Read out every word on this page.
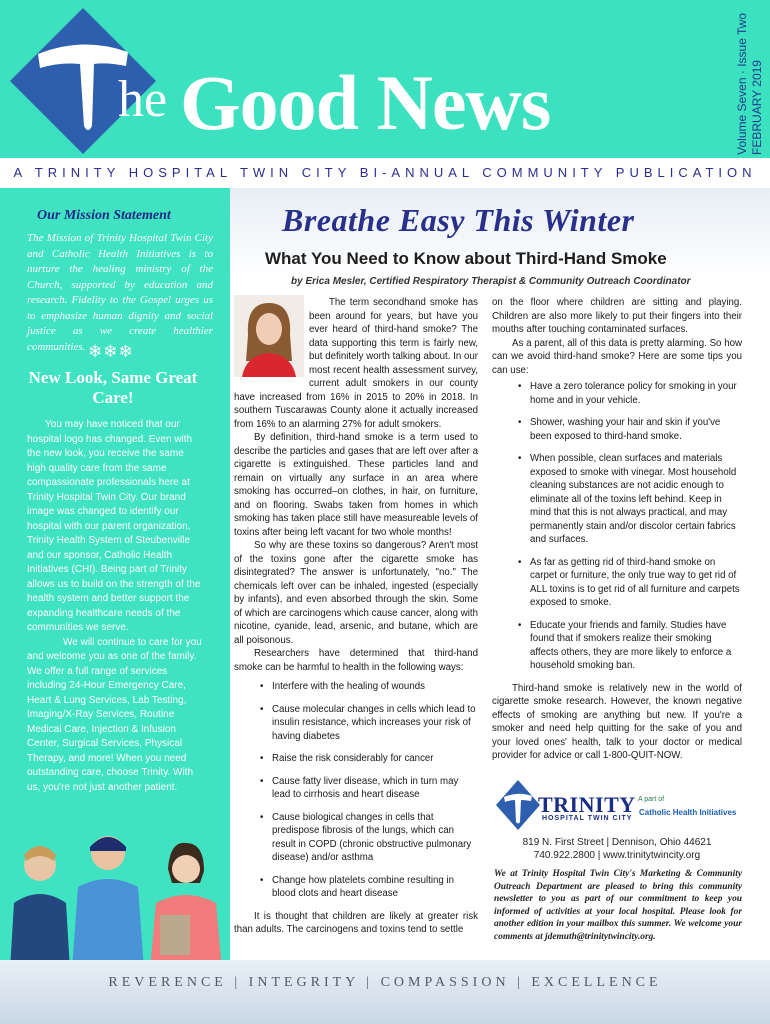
he Good News	Volume Seven · Issue Two FEBRUARY 2019
A TRINITY HOSPITAL TWIN CITY BI-ANNUAL COMMUNITY PUBLICATION
Our Mission Statement

The Mission of Trinity Hospital Twin City and Catholic Health Initiatives is to nurture the healing ministry of the Church, supported by education and research. Fidelity to the Gospel urges us to emphasize human dignity and social justice as we create healthier communities. ❄❄❄
New Look, Same Great Care!
You may have noticed that our hospital logo has changed. Even with the new look, you receive the same high quality care from the same compassionate professionals here at Trinity Hospital Twin City. Our brand image was changed to identify our hospital with our parent organization, Trinity Health System of Steubenville and our sponsor, Catholic Health Initiatives (CHI). Being part of Trinity allows us to build on the strength of the health system and better support the expanding healthcare needs of the communities we serve.
We will continue to care for you and welcome you as one of the family. We offer a full range of services including 24-Hour Emergency Care, Heart & Lung Services, Lab Testing, Imaging/X-Ray Services, Routine Medical Care, Injection & Infusion Center, Surgical Services, Physical Therapy, and more! When you need outstanding care, choose Trinity. With us, you're not just another patient.
Breathe Easy This Winter
What You Need to Know about Third-Hand Smoke
by Erica Mesler, Certified Respiratory Therapist & Community Outreach Coordinator

The term secondhand smoke has been around for years, but have you ever heard of third-hand smoke? The data supporting this term is fairly new, but definitely worth talking about. In our most recent health assessment survey, current adult smokers in our county have increased from 16% in 2015 to 20% in 2018. In southern Tuscarawas County alone it actually increased from 16% to an alarming 27% for adult smokers.

By definition, third-hand smoke is a term used to describe the particles and gases that are left over after a cigarette is extinguished. These particles land and remain on virtually any surface in an area where smoking has occurred–on clothes, in hair, on furniture, and on flooring. Swabs taken from homes in which smoking has taken place still have measureable levels of toxins after being left vacant for two whole months!

So why are these toxins so dangerous? Aren't most of the toxins gone after the cigarette smoke has disintegrated? The answer is unfortunately, "no." The chemicals left over can be inhaled, ingested (especially by infants), and even absorbed through the skin. Some of which are carcinogens which cause cancer, along with nicotine, cyanide, lead, arsenic, and butane, which are all poisonous.

Researchers have determined that third-hand smoke can be harmful to health in the following ways:

• Interfere with the healing of wounds
• Cause molecular changes in cells which lead to insulin resistance, which increases your risk of having diabetes
• Raise the risk considerably for cancer
• Cause fatty liver disease, which in turn may lead to cirrhosis and heart disease
• Cause biological changes in cells that predispose fibrosis of the lungs, which can result in COPD (chronic obstructive pulmonary disease) and/or asthma
• Change how platelets combine resulting in blood clots and heart disease

It is thought that children are likely at greater risk than adults. The carcinogens and toxins tend to settle

on the floor where children are sitting and playing. Children are also more likely to put their fingers into their mouths after touching contaminated surfaces.

As a parent, all of this data is pretty alarming. So how can we avoid third-hand smoke? Here are some tips you can use:

• Have a zero tolerance policy for smoking in your home and in your vehicle.
• Shower, washing your hair and skin if you've been exposed to third-hand smoke.
• When possible, clean surfaces and materials exposed to smoke with vinegar. Most household cleaning substances are not acidic enough to eliminate all of the toxins left behind. Keep in mind that this is not always practical, and may permanently stain and/or discolor certain fabrics and surfaces.
• As far as getting rid of third-hand smoke on carpet or furniture, the only true way to get rid of ALL toxins is to get rid of all furniture and carpets exposed to smoke.
• Educate your friends and family. Studies have found that if smokers realize their smoking affects others, they are more likely to enforce a household smoking ban.

Third-hand smoke is relatively new in the world of cigarette smoke research. However, the known negative effects of smoking are anything but new. If you're a smoker and need help quitting for the sake of you and your loved ones' health, talk to your doctor or medical provider for advice or call 1-800-QUIT-NOW.

TRINITY
HOSPITAL TWIN CITY
A part of
Catholic Health Initiatives
819 N. First Street | Dennison, Ohio 44621
740.922.2800 | www.trinitytwincity.org
We at Trinity Hospital Twin City's Marketing & Community Outreach Department are pleased to bring this community newsletter to you as part of our commitment to keep you informed of activities at your local hospital. Please look for another edition in your mailbox this summer. We welcome your comments at jdemuth@trinitytwincity.org.
REVERENCE | INTEGRITY | COMPASSION | EXCELLENCE
